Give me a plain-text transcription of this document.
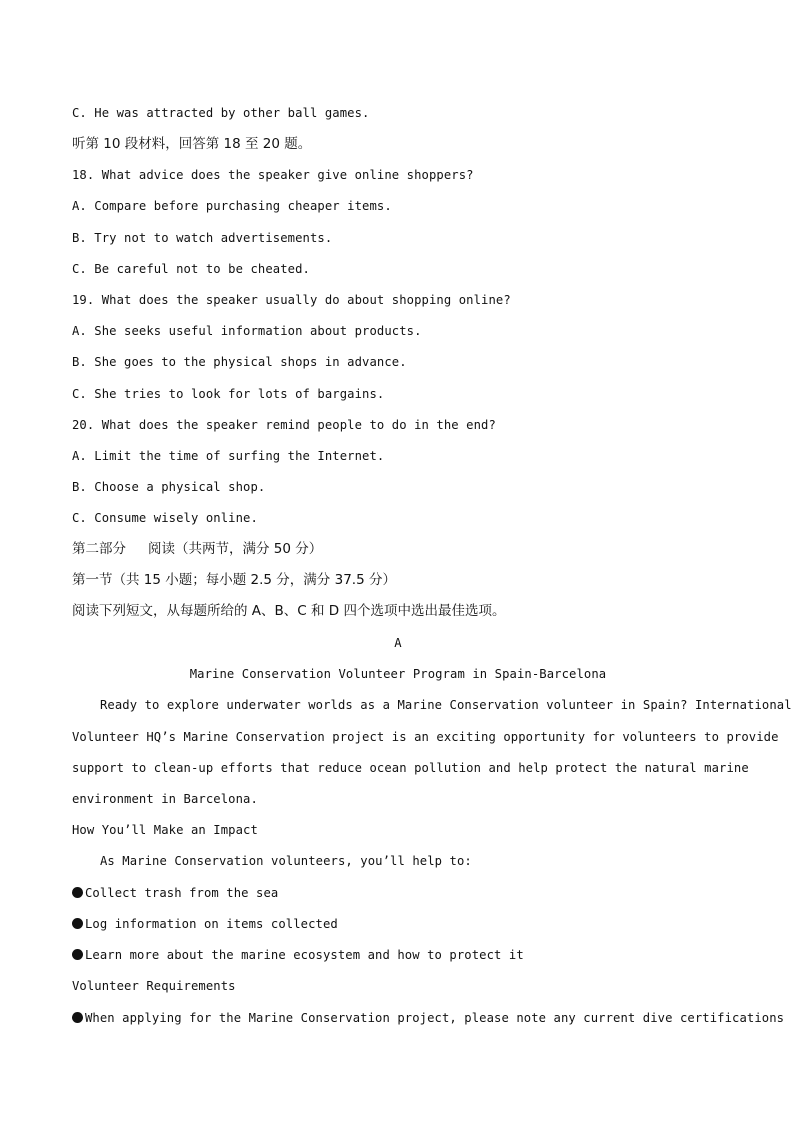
C. He was attracted by other ball games.
听第 10 段材料，回答第 18 至 20 题。
18. What advice does the speaker give online shoppers?
A. Compare before purchasing cheaper items.
B. Try not to watch advertisements.
C. Be careful not to be cheated.
19. What does the speaker usually do about shopping online?
A. She seeks useful information about products.
B. She goes to the physical shops in advance.
C. She tries to look for lots of bargains.
20. What does the speaker remind people to do in the end?
A. Limit the time of surfing the Internet.
B. Choose a physical shop.
C. Consume wisely online.
第二部分 阅读（共两节，满分 50 分）
第一节（共 15 小题；每小题 2.5 分，满分 37.5 分）
阅读下列短文，从每题所给的 A、B、C 和 D 四个选项中选出最佳选项。
A
Marine Conservation Volunteer Program in Spain-Barcelona
Ready to explore underwater worlds as a Marine Conservation volunteer in Spain? International
Volunteer HQ’s Marine Conservation project is an exciting opportunity for volunteers to provide
support to clean-up efforts that reduce ocean pollution and help protect the natural marine
environment in Barcelona.
How You’ll Make an Impact
As Marine Conservation volunteers, you’ll help to:
Collect trash from the sea
Log information on items collected
Learn more about the marine ecosystem and how to protect it
Volunteer Requirements
When applying for the Marine Conservation project, please note any current dive certifications
